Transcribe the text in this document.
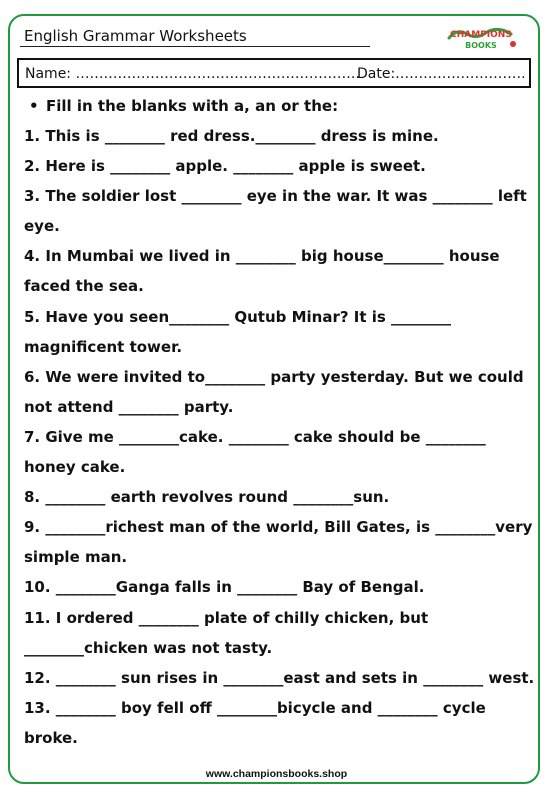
English Grammar Worksheets	CHAMPIONS
BOOKS
Name: …………………………………………………….
Date:……………………….
• Fill in the blanks with a, an or the:
1. This is ________ red dress.________ dress is mine.
2. Here is ________ apple. ________ apple is sweet.
3. The soldier lost ________ eye in the war. It was ________ left eye.
4. In Mumbai we lived in ________ big house________ house faced the sea.
5. Have you seen________ Qutub Minar? It is ________ magnificent tower.
6. We were invited to________ party yesterday. But we could not attend ________ party.
7. Give me ________cake. ________ cake should be ________ honey cake.
8. ________ earth revolves round ________sun.
9. ________richest man of the world, Bill Gates, is ________very simple man.
10. ________Ganga falls in ________ Bay of Bengal.
11. I ordered ________ plate of chilly chicken, but ________chicken was not tasty.
12. ________ sun rises in ________east and sets in ________ west.
13. ________ boy fell off ________bicycle and ________ cycle broke.
www.championsbooks.shop
